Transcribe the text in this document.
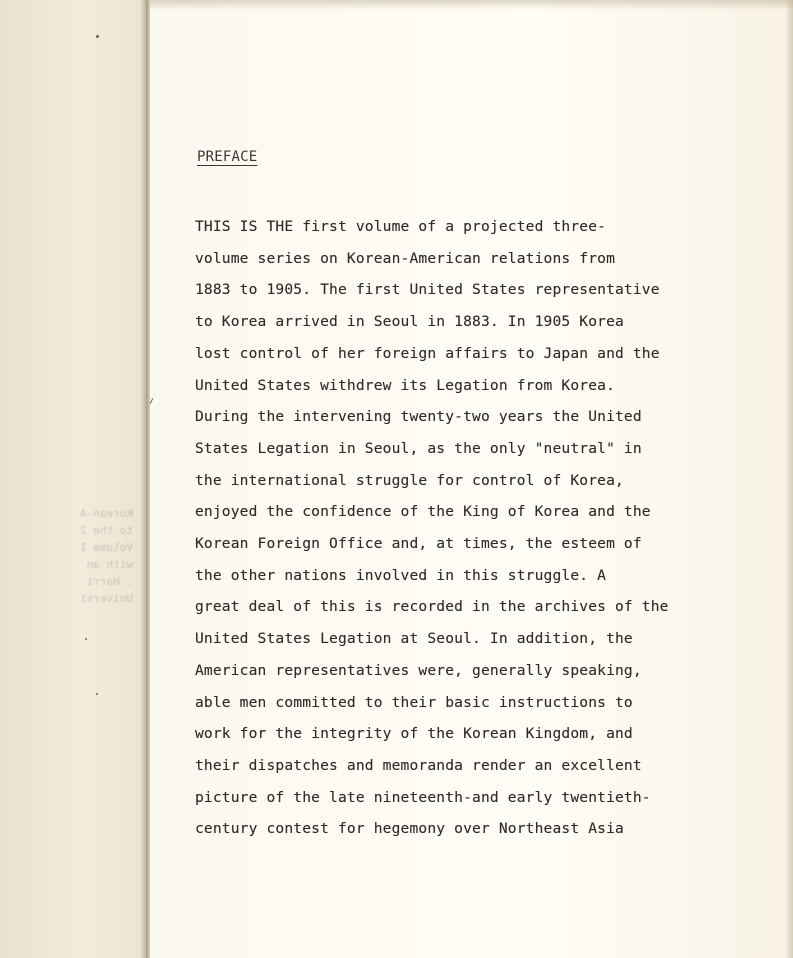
Korean-A
to the 2
Volume I
with an
. Harri
Universi
PREFACE
THIS IS THE first volume of a projected three-
volume series on Korean-American relations from
1883 to 1905. The first United States representative
to Korea arrived in Seoul in 1883. In 1905 Korea
lost control of her foreign affairs to Japan and the
United States withdrew its Legation from Korea.
During the intervening twenty-two years the United
States Legation in Seoul, as the only "neutral" in
the international struggle for control of Korea,
enjoyed the confidence of the King of Korea and the
Korean Foreign Office and, at times, the esteem of
the other nations involved in this struggle. A
great deal of this is recorded in the archives of the
United States Legation at Seoul. In addition, the
American representatives were, generally speaking,
able men committed to their basic instructions to
work for the integrity of the Korean Kingdom, and
their dispatches and memoranda render an excellent
picture of the late nineteenth-and early twentieth-
century contest for hegemony over Northeast Asia
